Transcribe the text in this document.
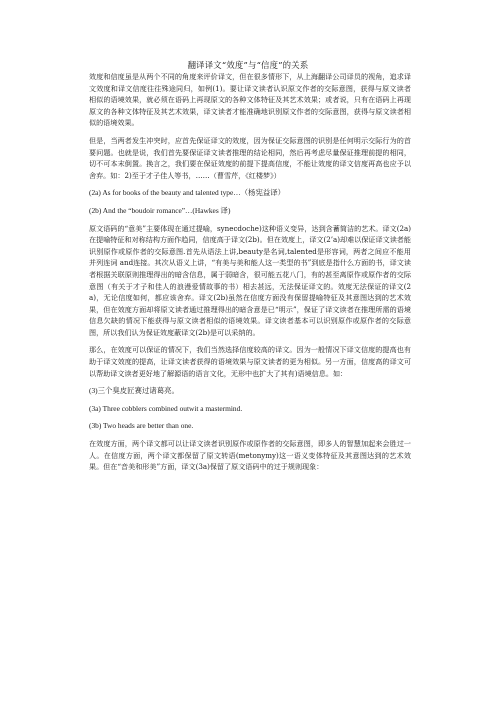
翻译译文“效度”与“信度”的关系

效度和信度虽是从两个不同的角度来评价译文，但在很多情形下，从上海翻译公司译员的视角，追求译文效度和译文信度往往殊途同归，如例(1)。要让译文读者认识原文作者的交际意图，获得与原文读者相似的语境效果，就必须在语码上再现原文的各种文体特征及其艺术效果；或者说，只有在语码上再现原文的各种文体特征及其艺术效果，译文读者才能准确地识别原文作者的交际意图，获得与原文读者相似的语境效果。

但是，当两者发生冲突时，应首先保证译文的效度，因为保证交际意图的识别是任何明示交际行为的首要问题。也就是说，我们首先要保证译文读者推理的结论相同，然后再考虑尽量保证推理前提的相同，切不可本末倒置。换言之，我们要在保证效度的前提下提高信度，不能让效度的译文信度再高也应予以舍弃。如：2)至于才子佳人等书，……（曹雪芹，《红楼梦》）

(2a) As for books of the beauty and talented type…（杨宪益译）

(2b) And the “boudoir romance”…(Hawkes 译)

原文语码的“意美”主要体现在通过提喻，synecdoche)这种语义变异，达到含蓄简洁的艺术。译文(2a)在提喻特征和对称结构方面作趋同，信度高于译文(2b)。但在效度上，译文(2’a)却难以保证译文读者能识别原作或原作者的交际意图.首先从语法上讲,beauty是名词,talented是形容词，两者之间应不能用并列连词 and连接。其次从语义上讲，“有美与美和能人这一类型的书”到底是指什么方面的书，译文读者根据关联原则推理得出的暗含信息，属于弱暗含，很可能五花八门，有的甚至离原作或原作者的交际意图（有关于才子和佳人的浪漫爱情故事的书）相去甚远，无法保证译文的。效度无法保证的译文(2a)，无论信度如何，都应该舍弃。译文(2b)虽然在信度方面没有保留提喻特征及其意图达到的艺术效果，但在效度方面却将原文读者通过推理得出的暗含意是已“明示”，保证了译文读者在推理所需的语境信息欠缺的情况下能获得与原文读者相似的语境效果。译文读者基本可以识别原作或原作者的交际意图，所以我们认为保证效度蔽译文(2b)是可以采纳的。

那么，在效度可以保证的情况下，我们当然选择信度较高的译文。因为一般情况下译文信度的提高也有助于译文效度的提高，让译文读者获得的语境效果与原文读者的更为相似。另一方面，信度高的译文可以帮助译文读者更好地了解源语的语言文化，无形中也扩大了其有)语境信息。如：

(3)三个臭皮匠赛过诸葛亮。

(3a) Three cobblers combined outwit a mastermind.

(3b) Two heads are better than one.

在效度方面，两个译文都可以让译文读者识别原作或原作者的交际意图，即多人的智慧加起来会胜过一人。在信度方面，两个译文都保留了原文转语(metonymy)这一语义变体特征及其意图达到的艺术效果。但在“音美和形美”方面，译文(3a)保留了原文语码中的过于规则现象：
